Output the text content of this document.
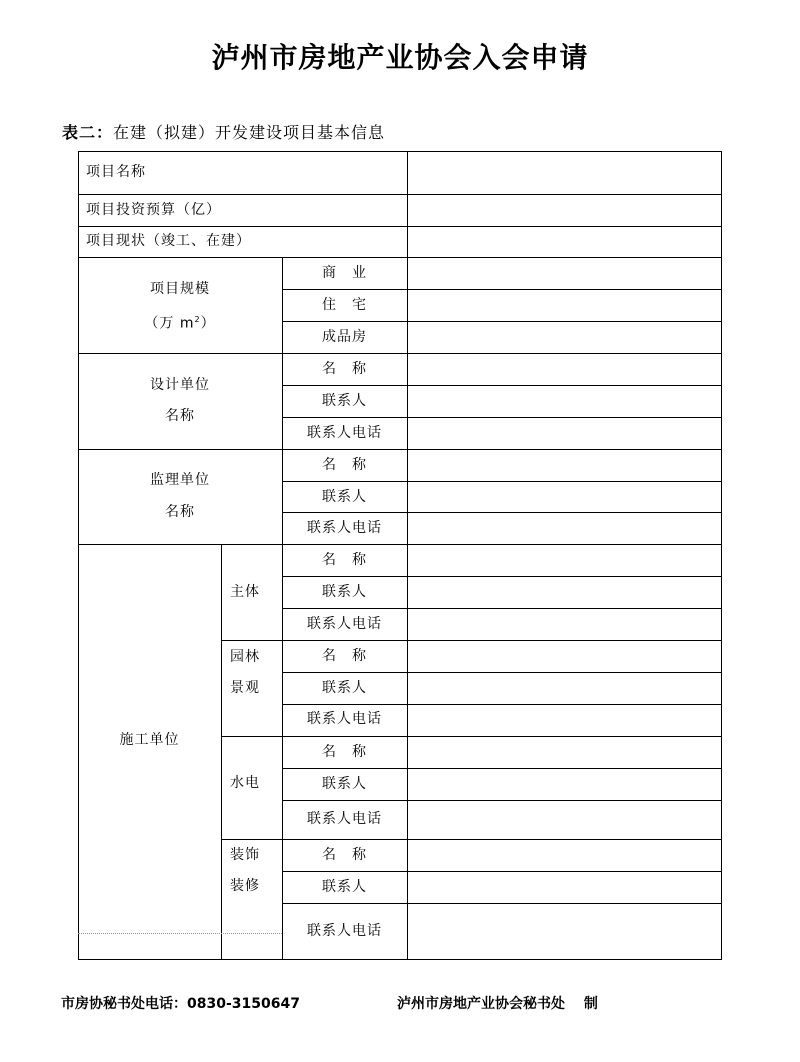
泸州市房地产业协会入会申请
表二：在建（拟建）开发建设项目基本信息
项目名称
项目投资预算（亿）
项目现状（竣工、在建）
项目规模
（万 $m^2$）
商　业
住　宅
成品房
设计单位
名称
名　称
联系人
联系人电话
监理单位
名称
名　称
联系人
联系人电话
施工单位
主体
名　称
联系人
联系人电话
园林
景观
名　称
联系人
联系人电话
水电
名　称
联系人
联系人电话
装饰
装修
名　称
联系人
联系人电话
市房协秘书处电话：0830-3150647	泸州市房地产业协会秘书处　 制
